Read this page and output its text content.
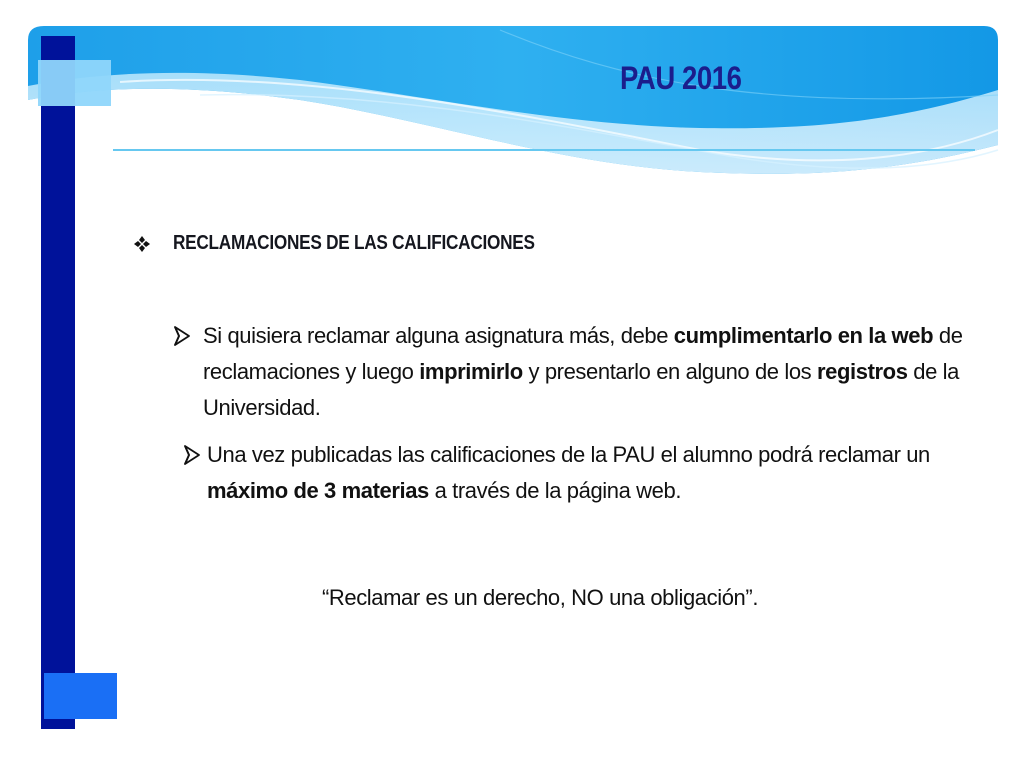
PAU 2016
RECLAMACIONES DE LAS CALIFICACIONES
Si quisiera reclamar alguna asignatura más, debe cumplimentarlo en la web de reclamaciones y luego imprimirlo y presentarlo en alguno de los registros de la Universidad.
Una vez publicadas las calificaciones de la PAU el alumno podrá reclamar un máximo de 3 materias a través de la página web.
“Reclamar es un derecho, NO una obligación”.
